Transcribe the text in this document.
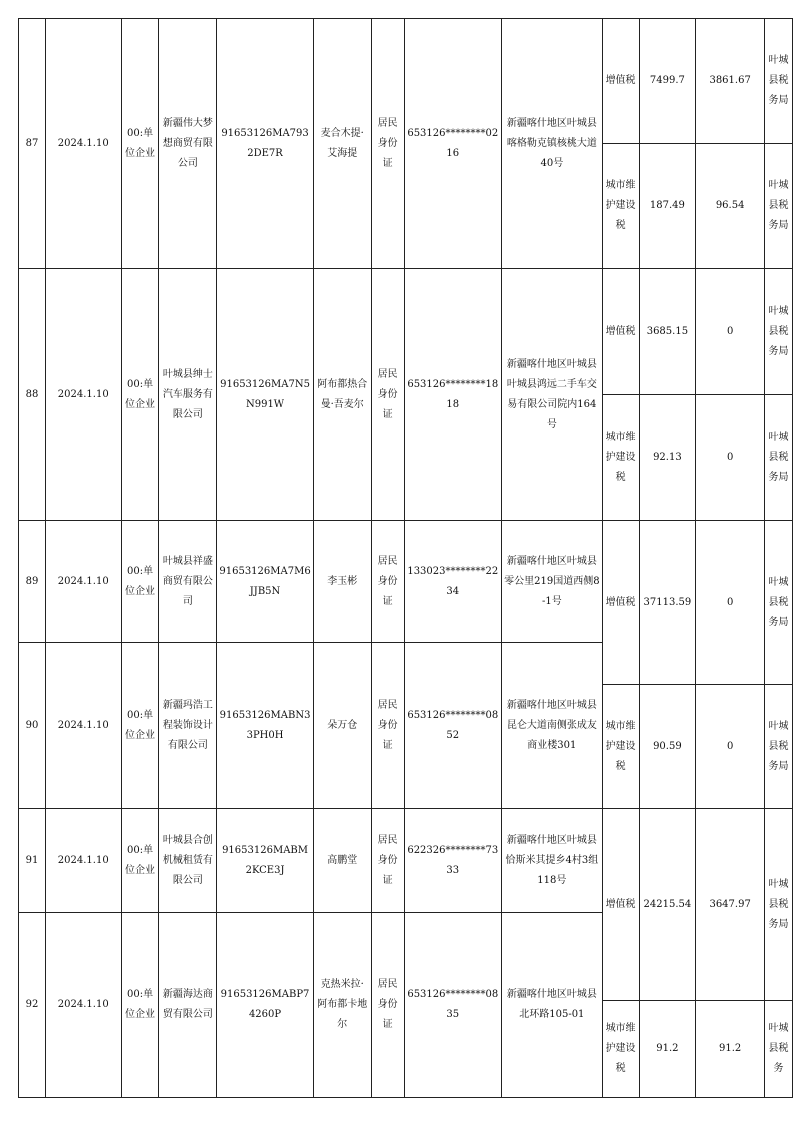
87	2024.1.10	00:单位企业	新疆伟大梦想商贸有限公司	91653126MA7932DE7R	麦合木提·艾海提	居民身份证	653126********0216	新疆喀什地区叶城县喀格勒克镇核桃大道40号	增值税	7499.7	3861.67	叶城县税务局
									城市维护建设税	187.49	96.54	叶城县税务局
88	2024.1.10	00:单位企业	叶城县绅士汽车服务有限公司	91653126MA7N5N991W	阿布都热合曼·吾麦尔	居民身份证	653126********1818	新疆喀什地区叶城县叶城县鸿远二手车交易有限公司院内164号	增值税	3685.15	0	叶城县税务局
									城市维护建设税	92.13	0	叶城县税务局
89	2024.1.10	00:单位企业	叶城县祥盛商贸有限公司	91653126MA7M6JJB5N	李玉彬	居民身份证	133023********2234	新疆喀什地区叶城县零公里219国道西侧8-1号	增值税	37113.59	0	叶城县税务局
90	2024.1.10	00:单位企业	新疆玛浩工程装饰设计有限公司	91653126MABN33PH0H	朵万仓	居民身份证	653126********0852	新疆喀什地区叶城县昆仑大道南侧张成友商业楼301				
									城市维护建设税	90.59	0	叶城县税务局
91	2024.1.10	00:单位企业	叶城县合创机械租赁有限公司	91653126MABM2KCE3J	高鹏堂	居民身份证	622326********7333	新疆喀什地区叶城县恰斯米其提乡4村3组118号	增值税	24215.54	3647.97	叶城县税务局
92	2024.1.10	00:单位企业	新疆海达商贸有限公司	91653126MABP74260P	克热米拉·阿布都卡地尔	居民身份证	653126********0835	新疆喀什地区叶城县北环路105-01				
									城市维护建设税	91.2	91.2	叶城县税务
